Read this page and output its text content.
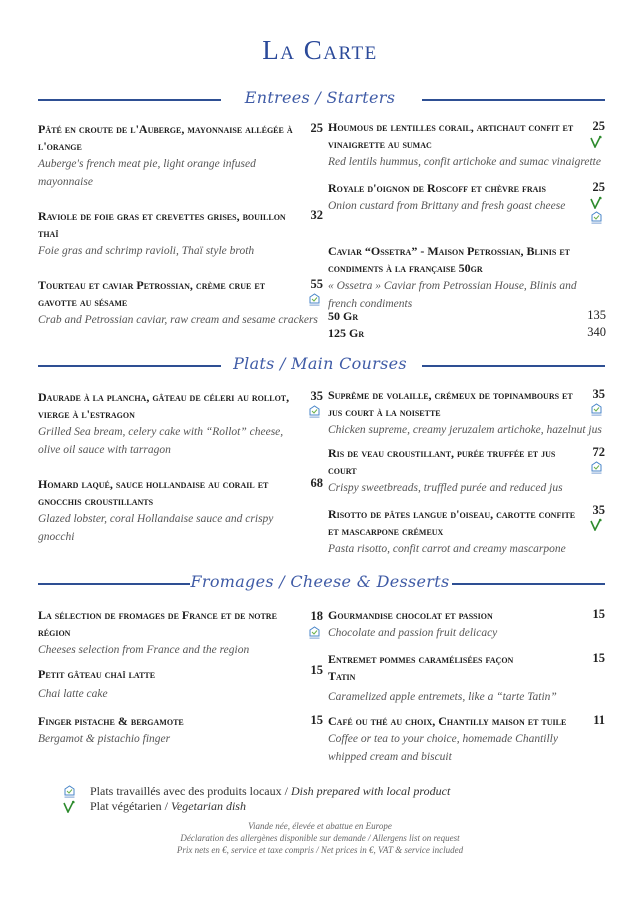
La Carte
Entrees / Starters
Pâté en croute de l'Auberge, mayonnaise allégée à l'orange
Auberge's french meat pie, light orange infused mayonnaise
25
Raviole de foie gras et crevettes grises, bouillon thaï
Foie gras and schrimp ravioli, Thaï style broth
32
Tourteau et caviar Petrossian, crème crue et gavotte au sésame
Crab and Petrossian caviar, raw cream and sesame crackers
55
Houmous de lentilles corail, artichaut confit et vinaigrette au sumac
Red lentils hummus, confit artichoke and sumac vinaigrette
25
Royale d'oignon de Roscoff et chèvre frais
Onion custard from Brittany and fresh goast cheese
25
Caviar “Ossetra” - Maison Petrossian, Blinis et condiments à la française 50gr
« Ossetra » Caviar from Petrossian House, Blinis and french condiments
50 Gr	135
125 Gr	340
Plats / Main Courses
Daurade à la plancha, gâteau de céleri au rollot, vierge à l'estragon
Grilled Sea bream, celery cake with “Rollot” cheese, olive oil sauce with tarragon
35
Homard laqué, sauce hollandaise au corail et gnocchis croustillants
Glazed lobster, coral Hollandaise sauce and crispy gnocchi
68
Suprême de volaille, crémeux de topinambours et jus court à la noisette
Chicken supreme, creamy jeruzalem artichoke, hazelnut jus
35
Ris de veau croustillant, purée truffée et jus court
Crispy sweetbreads, truffled purée and reduced jus
72
Risotto de pâtes langue d'oiseau, carotte confite et mascarpone crémeux
Pasta risotto, confit carrot and creamy mascarpone
35
Fromages / Cheese & Desserts
La sélection de fromages de France et de notre région
Cheeses selection from France and the region
18
Petit gâteau chaï latte
Chai latte cake
15
Finger pistache & bergamote
Bergamot & pistachio finger
15
Gourmandise chocolat et passion
Chocolate and passion fruit delicacy
15
Entremet pommes caramélisées façon Tatin
Caramelized apple entremets, like a “tarte Tatin”
15
Café ou thé au choix, Chantilly maison et tuile
Coffee or tea to your choice, homemade Chantilly whipped cream and biscuit
11
Plats travaillés avec des produits locaux /
Dish prepared with local product
Plat végétarien /
Vegetarian dish
Viande née, élevée et abattue en Europe
Déclaration des allergènes disponible sur demande / Allergens list on request
Prix nets en €, service et taxe compris / Net prices in €, VAT & service included
